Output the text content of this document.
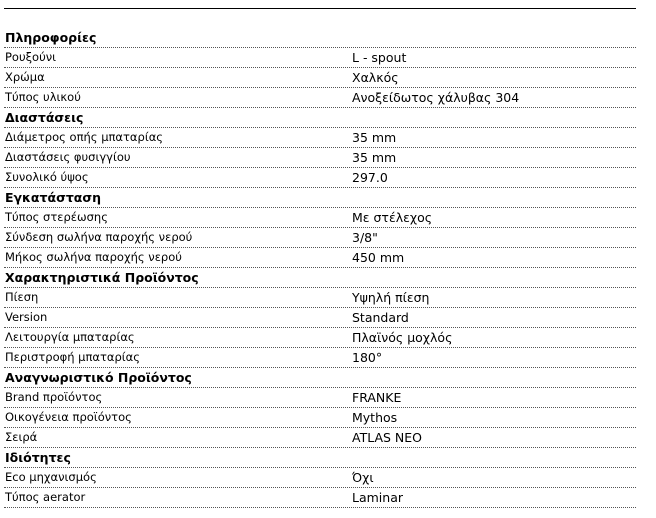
Πληροφορίες
Ρουξούνι	L - spout
Χρώμα	Χαλκός
Τύπος υλικού	Ανοξείδωτος χάλυβας 304
Διαστάσεις
Διάμετρος οπής μπαταρίας	35 mm
Διαστάσεις φυσιγγίου	35 mm
Συνολικό ύψος	297.0
Εγκατάσταση
Τύπος στερέωσης	Με στέλεχος
Σύνδεση σωλήνα παροχής νερού	3/8"
Μήκος σωλήνα παροχής νερού	450 mm
Χαρακτηριστικά Προϊόντος
Πίεση	Υψηλή πίεση
Version	Standard
Λειτουργία μπαταρίας	Πλαϊνός μοχλός
Περιστροφή μπαταρίας	180°
Αναγνωριστικό Προϊόντος
Brand προϊόντος	FRANKE
Οικογένεια προϊόντος	Mythos
Σειρά	ATLAS NEO
Ιδιότητες
Eco μηχανισμός	Όχι
Τύπος aerator	Laminar
